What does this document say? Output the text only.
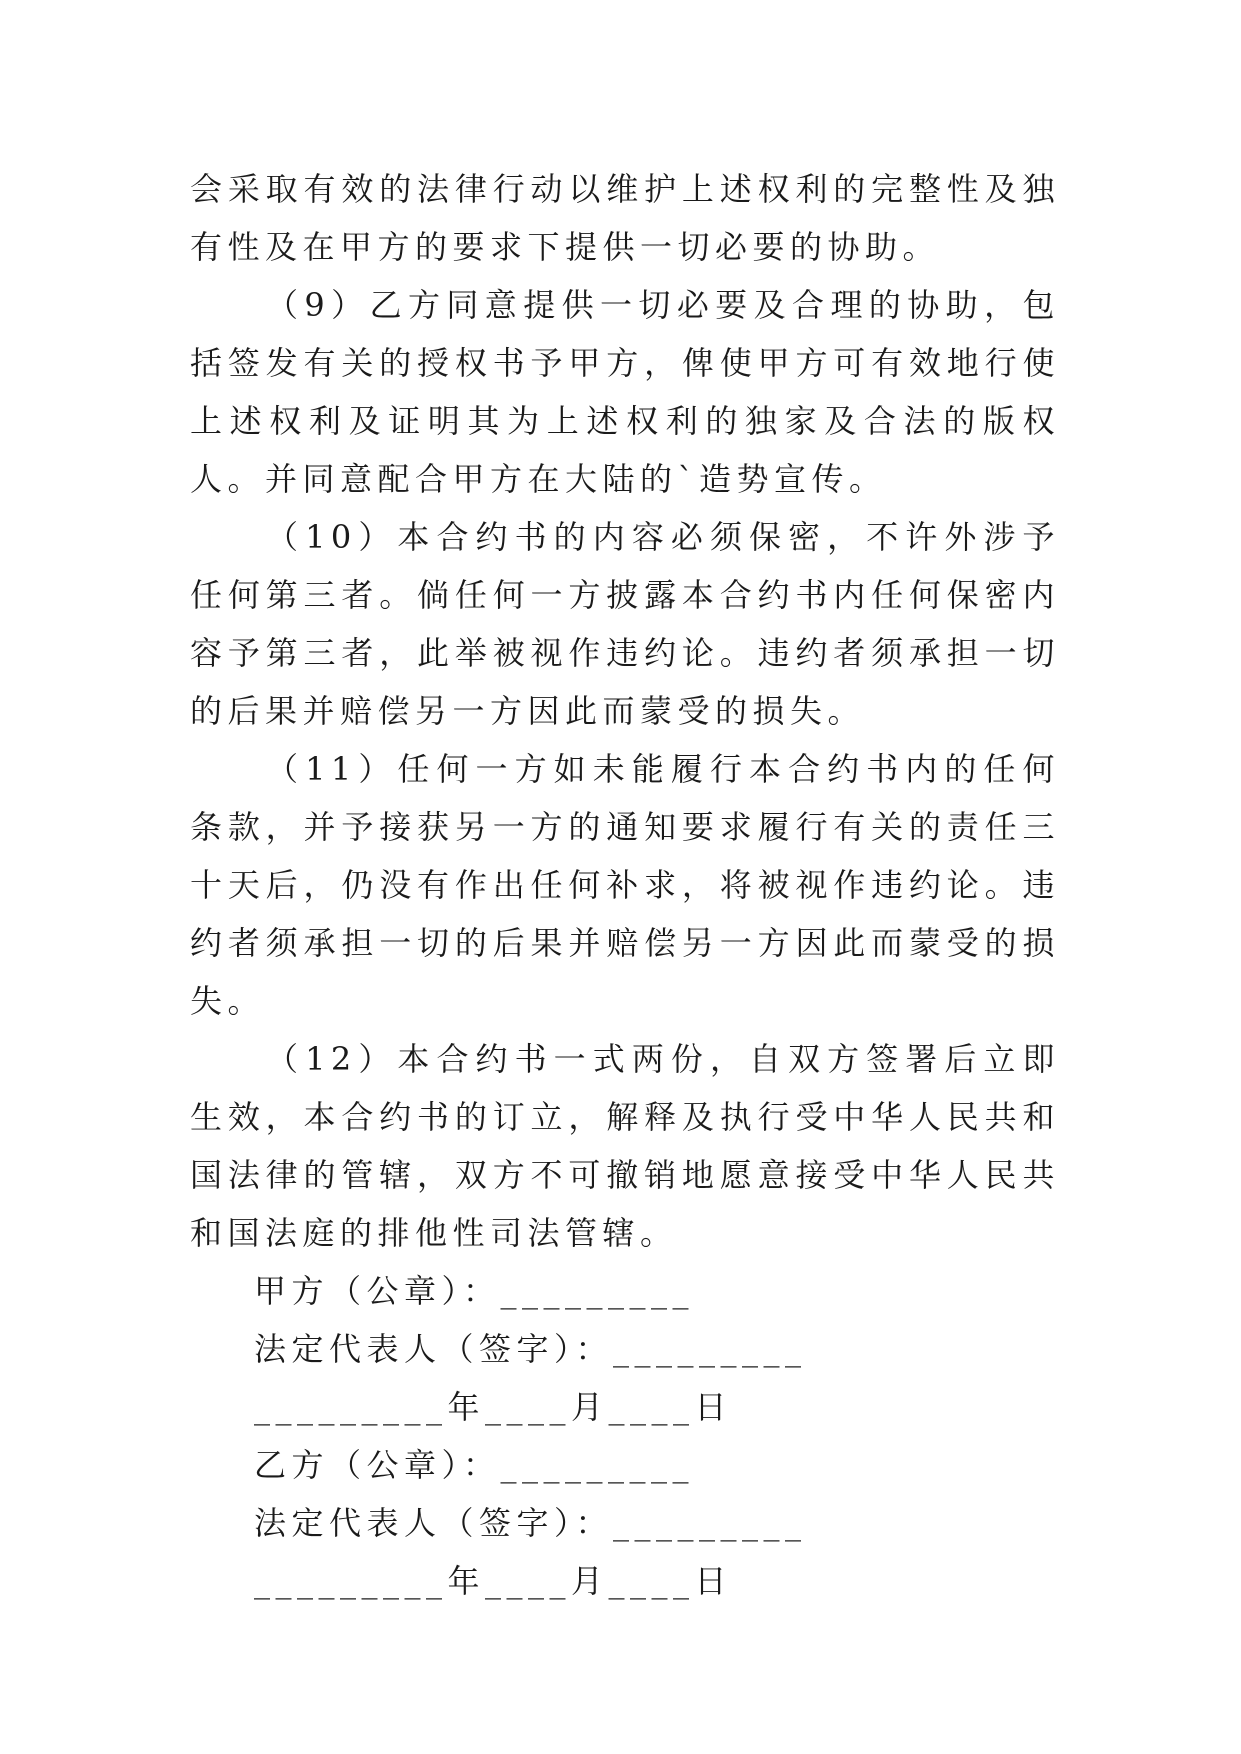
会采取有效的法律行动以维护上述权利的完整性及独有性及在甲方的要求下提供一切必要的协助。

（9）乙方同意提供一切必要及合理的协助，包括签发有关的授权书予甲方，俾使甲方可有效地行使上述权利及证明其为上述权利的独家及合法的版权人。并同意配合甲方在大陆的`造势宣传。

（10）本合约书的内容必须保密，不许外涉予任何第三者。倘任何一方披露本合约书内任何保密内容予第三者，此举被视作违约论。违约者须承担一切的后果并赔偿另一方因此而蒙受的损失。

（11）任何一方如未能履行本合约书内的任何条款，并予接获另一方的通知要求履行有关的责任三十天后，仍没有作出任何补求，将被视作违约论。违约者须承担一切的后果并赔偿另一方因此而蒙受的损失。

（12）本合约书一式两份，自双方签署后立即生效，本合约书的订立，解释及执行受中华人民共和国法律的管辖，双方不可撤销地愿意接受中华人民共和国法庭的排他性司法管辖。

甲方（公章）：_________

法定代表人（签字）：_________

_________年____月____日

乙方（公章）：_________

法定代表人（签字）：_________

_________年____月____日
